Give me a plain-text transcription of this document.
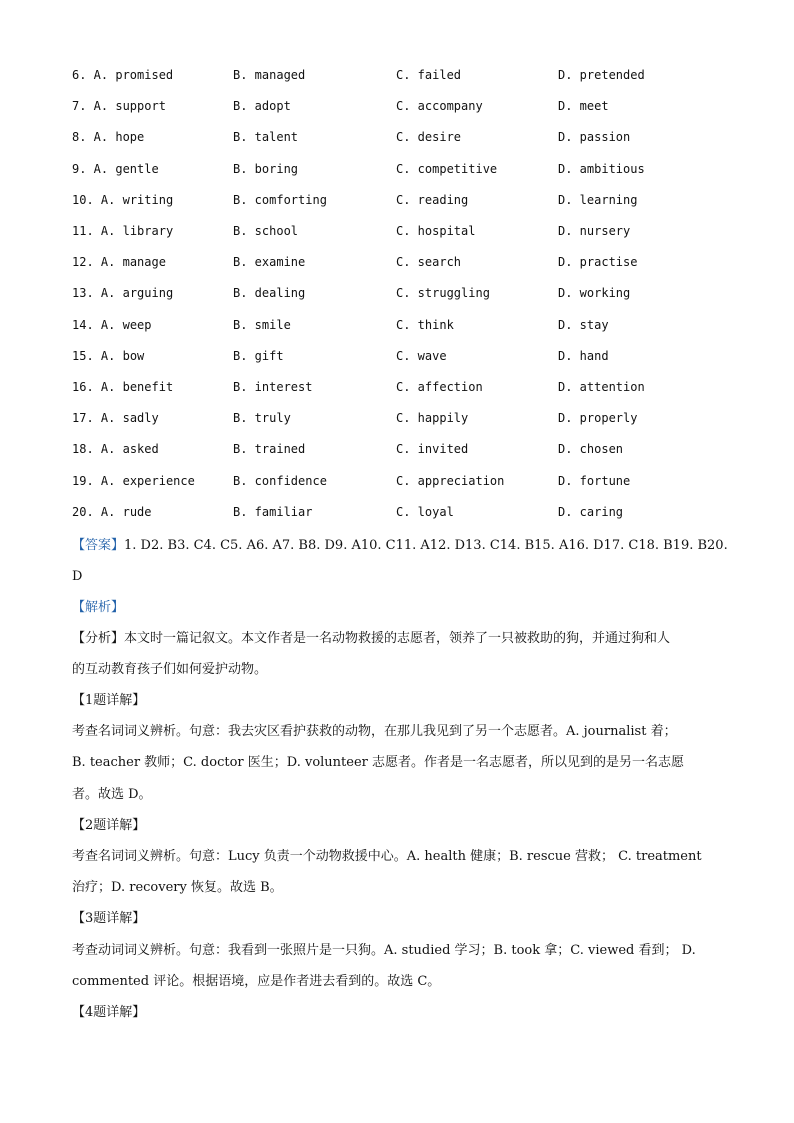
6. A. promised	B. managed	C. failed	D. pretended
7. A. support	B. adopt	C. accompany	D. meet
8. A. hope	B. talent	C. desire	D. passion
9. A. gentle	B. boring	C. competitive	D. ambitious
10. A. writing	B. comforting	C. reading	D. learning
11. A. library	B. school	C. hospital	D. nursery
12. A. manage	B. examine	C. search	D. practise
13. A. arguing	B. dealing	C. struggling	D. working
14. A. weep	B. smile	C. think	D. stay
15. A. bow	B. gift	C. wave	D. hand
16. A. benefit	B. interest	C. affection	D. attention
17. A. sadly	B. truly	C. happily	D. properly
18. A. asked	B. trained	C. invited	D. chosen
19. A. experience	B. confidence	C. appreciation	D. fortune
20. A. rude	B. familiar	C. loyal	D. caring
【答案】1. D2. B3. C4. C5. A6. A7. B8. D9. A10. C11. A12. D13. C14. B15. A16. D17. C18. B19. B20.
D
【解析】
【分析】本文时一篇记叙文。本文作者是一名动物救援的志愿者，领养了一只被救助的狗，并通过狗和人
的互动教育孩子们如何爱护动物。
【1题详解】
考查名词词义辨析。句意：我去灾区看护获救的动物，在那儿我见到了另一个志愿者。A. journalist 着；
B. teacher 教师；C. doctor 医生；D. volunteer 志愿者。作者是一名志愿者，所以见到的是另一名志愿
者。故选 D。
【2题详解】
考查名词词义辨析。句意：Lucy 负责一个动物救援中心。A. health 健康；B. rescue 营救； C. treatment
治疗；D. recovery 恢复。故选 B。
【3题详解】
考查动词词义辨析。句意：我看到一张照片是一只狗。A. studied 学习；B. took 拿；C. viewed 看到； D.
commented 评论。根据语境，应是作者进去看到的。故选 C。
【4题详解】
